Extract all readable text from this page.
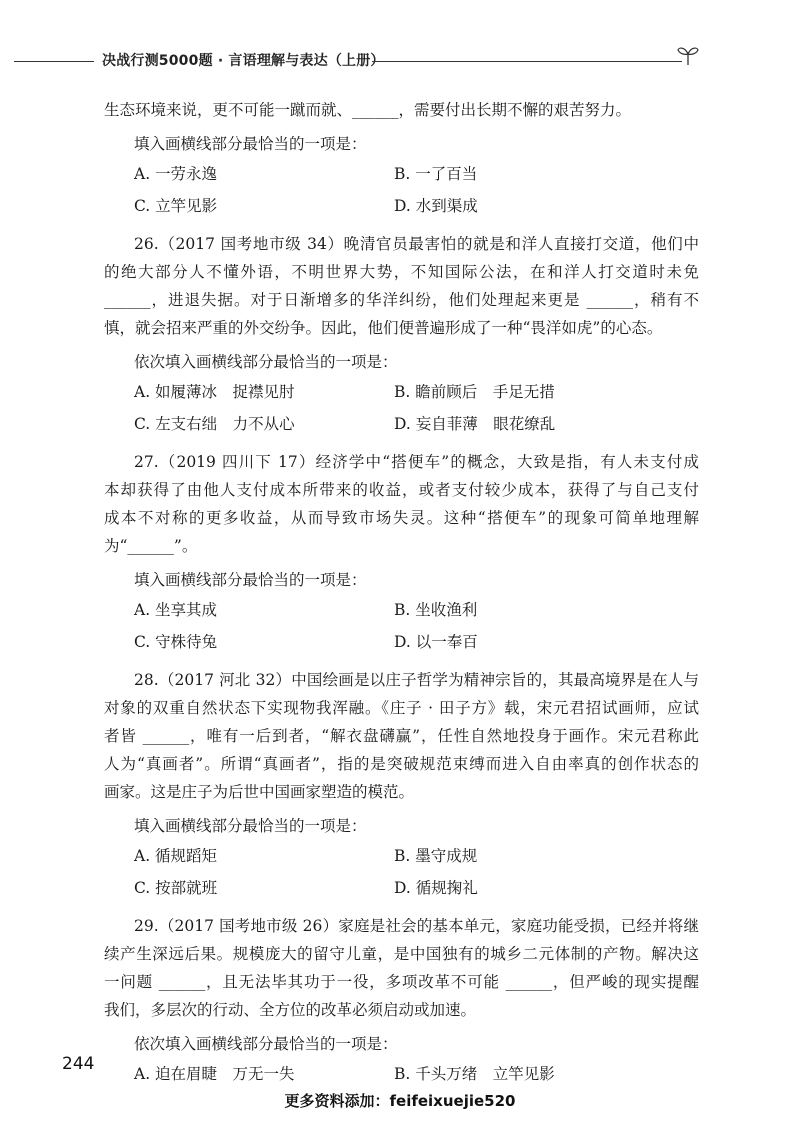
决战行测5000题 · 言语理解与表达（上册）
生态环境来说，更不可能一蹴而就、______，需要付出长期不懈的艰苦努力。
填入画横线部分最恰当的一项是：
A. 一劳永逸	B. 一了百当
C. 立竿见影	D. 水到渠成
26.（2017 国考地市级 34）晚清官员最害怕的就是和洋人直接打交道，他们中
的绝大部分人不懂外语，不明世界大势，不知国际公法，在和洋人打交道时未免
______，进退失据。对于日渐增多的华洋纠纷，他们处理起来更是 ______，稍有不
慎，就会招来严重的外交纷争。因此，他们便普遍形成了一种“畏洋如虎”的心态。
依次填入画横线部分最恰当的一项是：
A. 如履薄冰　捉襟见肘	B. 瞻前顾后　手足无措
C. 左支右绌　力不从心	D. 妄自菲薄　眼花缭乱
27.（2019 四川下 17）经济学中“搭便车”的概念，大致是指，有人未支付成
本却获得了由他人支付成本所带来的收益，或者支付较少成本，获得了与自己支付
成本不对称的更多收益，从而导致市场失灵。这种“搭便车”的现象可简单地理解
为“______”。
填入画横线部分最恰当的一项是：
A. 坐享其成	B. 坐收渔利
C. 守株待兔	D. 以一奉百
28.（2017 河北 32）中国绘画是以庄子哲学为精神宗旨的，其最高境界是在人与
对象的双重自然状态下实现物我浑融。《庄子 · 田子方》载，宋元君招试画师，应试
者皆 ______，唯有一后到者，“解衣盘礴赢”，任性自然地投身于画作。宋元君称此
人为“真画者”。所谓“真画者”，指的是突破规范束缚而进入自由率真的创作状态的
画家。这是庄子为后世中国画家塑造的模范。
填入画横线部分最恰当的一项是：
A. 循规蹈矩	B. 墨守成规
C. 按部就班	D. 循规掬礼
29.（2017 国考地市级 26）家庭是社会的基本单元，家庭功能受损，已经并将继
续产生深远后果。规模庞大的留守儿童，是中国独有的城乡二元体制的产物。解决这
一问题 ______，且无法毕其功于一役，多项改革不可能 ______，但严峻的现实提醒
我们，多层次的行动、全方位的改革必须启动或加速。
依次填入画横线部分最恰当的一项是：
A. 迫在眉睫　万无一失	B. 千头万绪　立竿见影
244
更多资料添加：feifeixuejie520
